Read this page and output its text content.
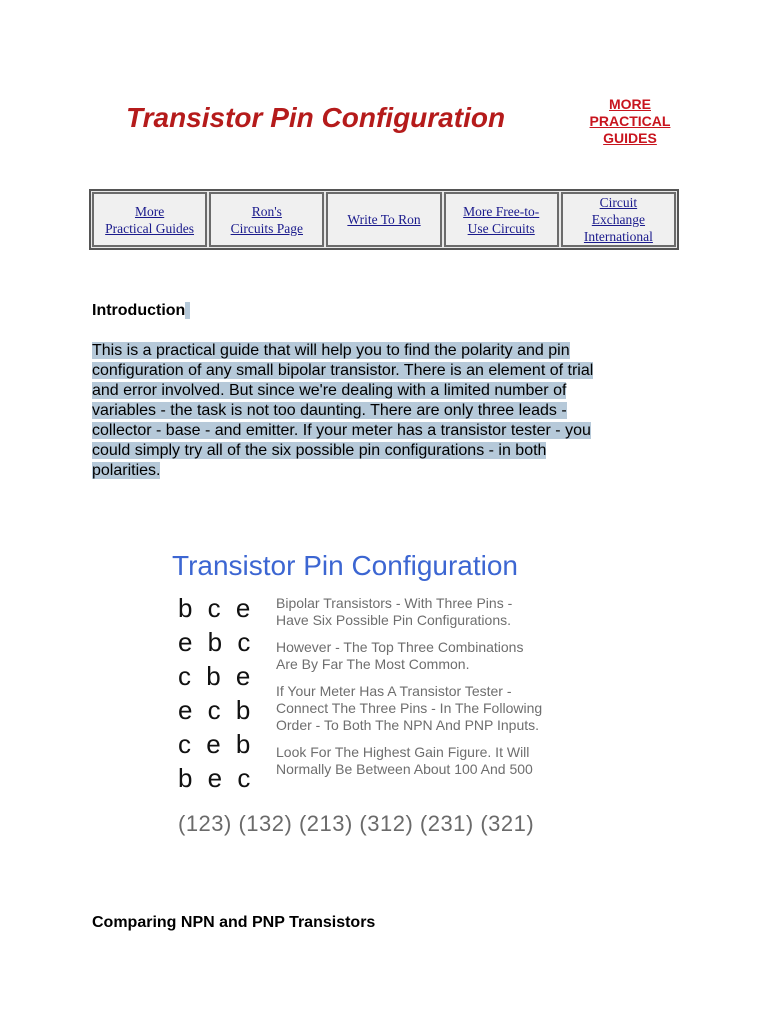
Transistor Pin Configuration	MORE
PRACTICAL
GUIDES
More
Practical Guides
Ron's
Circuits Page
Write To Ron
More Free-to-
Use Circuits
Circuit
Exchange
International
Introduction
This is a practical guide that will help you to find the polarity and pin
configuration of any small bipolar transistor. There is an element of trial
and error involved. But since we're dealing with a limited number of
variables - the task is not too daunting. There are only three leads -
collector - base - and emitter. If your meter has a transistor tester - you
could simply try all of the six possible pin configurations - in both
polarities.
Transistor Pin Configuration
b c e
e b c
c b e
e c b
c e b
b e c

Bipolar Transistors - With Three Pins -
Have Six Possible Pin Configurations.

However - The Top Three Combinations
Are By Far The Most Common.

If Your Meter Has A Transistor Tester -
Connect The Three Pins - In The Following
Order - To Both The NPN And PNP Inputs.

Look For The Highest Gain Figure. It Will
Normally Be Between About 100 And 500

(123) (132) (213) (312) (231) (321)
Comparing NPN and PNP Transistors
